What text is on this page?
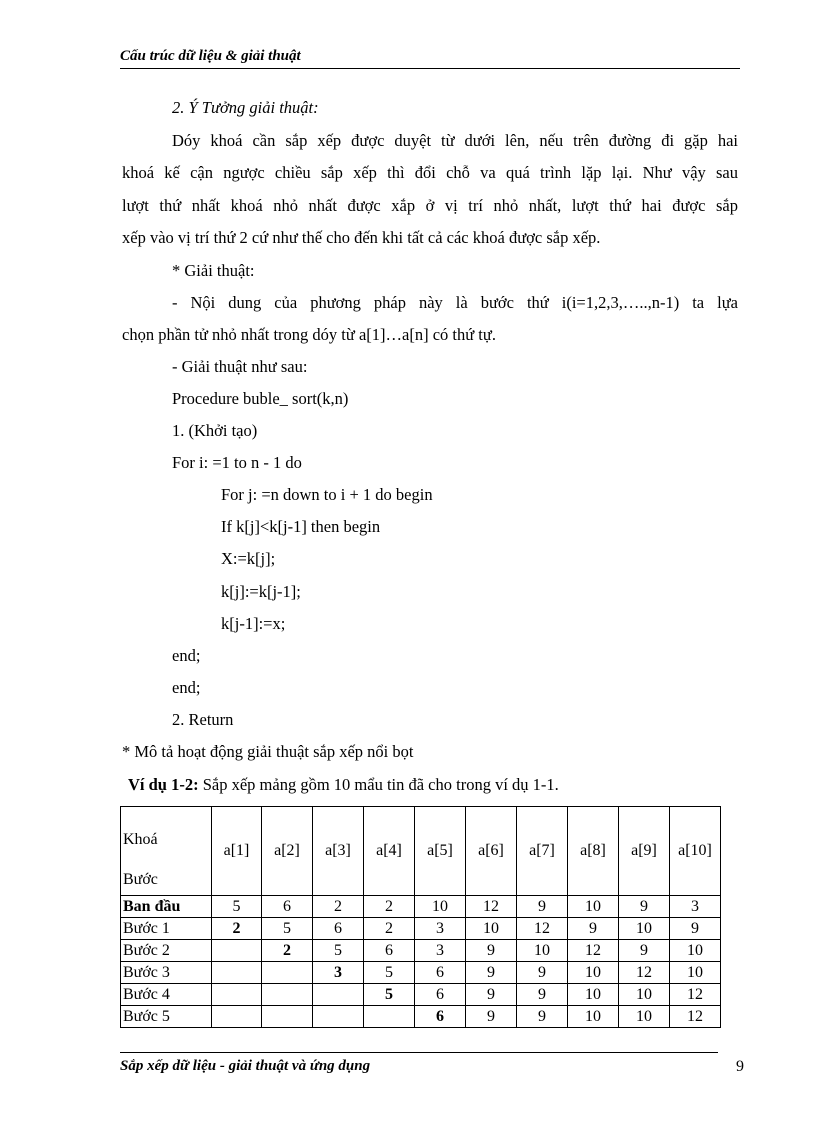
Cấu trúc dữ liệu & giải thuật
2. Ý Tưởng giải thuật:
Dóy khoá cần sắp xếp được duyệt từ dưới lên, nếu trên đường đi gặp hai
khoá kế cận ngược chiều sắp xếp thì đổi chỗ va quá trình lặp lại. Như vậy sau
lượt thứ nhất khoá nhỏ nhất được xắp ở vị trí nhỏ nhất, lượt thứ hai được sắp
xếp vào vị trí thứ 2 cứ như thế cho đến khi tất cả các khoá được sắp xếp.
* Giải thuật:
- Nội dung của phương pháp này là bước thứ i(i=1,2,3,…..,n-1) ta lựa
chọn phần tử nhỏ nhất trong dóy từ a[1]…a[n] có thứ tự.
- Giải thuật như sau:
Procedure buble_ sort(k,n)
1. (Khởi tạo)
For i: =1 to n - 1 do
For j: =n down to i + 1 do begin
If k[j]<k[j-1] then begin
X:=k[j];
k[j]:=k[j-1];
k[j-1]:=x;
end;
end;
2. Return
* Mô tả hoạt động giải thuật sắp xếp nổi bọt
Ví dụ 1-2: Sắp xếp mảng gồm 10 mẩu tin đã cho trong ví dụ 1-1.
Khoá
Bước	a[1]	a[2]	a[3]	a[4]	a[5]	a[6]	a[7]	a[8]	a[9]	a[10]
Ban đầu	5	6	2	2	10	12	9	10	9	3
Bước 1	2	5	6	2	3	10	12	9	10	9
Bước 2		2	5	6	3	9	10	12	9	10
Bước 3			3	5	6	9	9	10	12	10
Bước 4				5	6	9	9	10	10	12
Bước 5					6	9	9	10	10	12
Sắp xếp dữ liệu - giải thuật và ứng dụng	9
